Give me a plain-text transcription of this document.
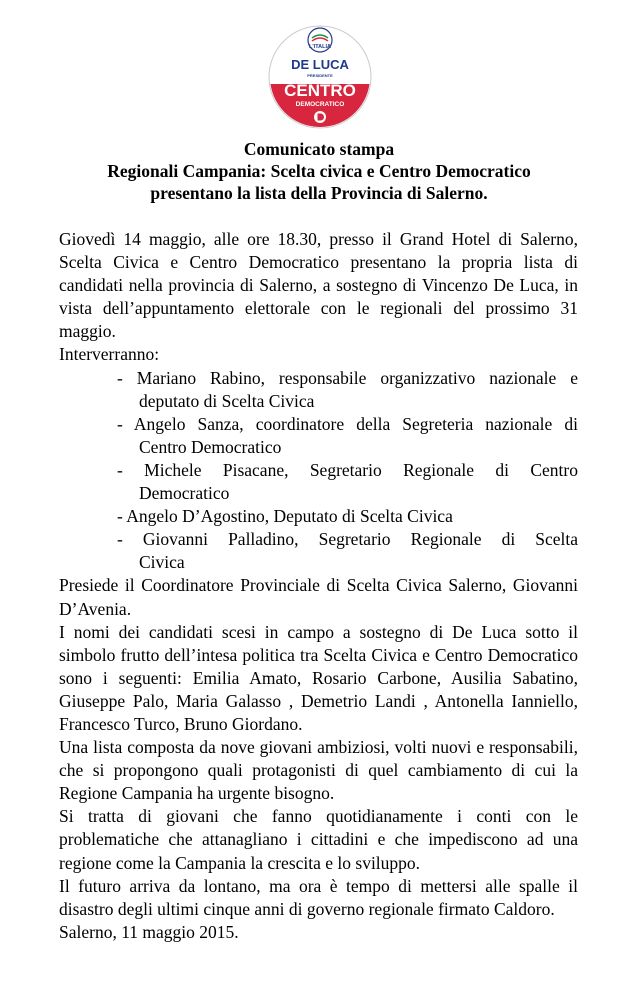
L'ITALIA
DE LUCA
PRESIDENTE
CENTRO
DEMOCRATICO
Comunicato stampa
Regionali Campania: Scelta civica e Centro Democratico
presentano la lista della Provincia di Salerno.

Giovedì 14 maggio, alle ore 18.30, presso il Grand Hotel di Salerno, Scelta Civica e Centro Democratico presentano la propria lista di candidati nella provincia di Salerno, a sostegno di Vincenzo De Luca, in vista dell’appuntamento elettorale con le regionali del prossimo 31 maggio.

Interverranno:

- Mariano Rabino, responsabile organizzativo nazionale e
deputato di Scelta Civica
- Angelo Sanza, coordinatore della Segreteria nazionale di
Centro Democratico
- Michele Pisacane, Segretario Regionale di Centro
Democratico
- Angelo D’Agostino, Deputato di Scelta Civica
- Giovanni Palladino, Segretario Regionale di Scelta
Civica

Presiede il Coordinatore Provinciale di Scelta Civica Salerno, Giovanni D’Avenia.

I nomi dei candidati scesi in campo a sostegno di De Luca sotto il simbolo frutto dell’intesa politica tra Scelta Civica e Centro Democratico sono i seguenti: Emilia Amato, Rosario Carbone, Ausilia Sabatino, Giuseppe Palo, Maria Galasso , Demetrio Landi , Antonella Ianniello, Francesco Turco, Bruno Giordano.

Una lista composta da nove giovani ambiziosi, volti nuovi e responsabili, che si propongono quali protagonisti di quel cambiamento di cui la Regione Campania ha urgente bisogno.

Si tratta di giovani che fanno quotidianamente i conti con le problematiche che attanagliano i cittadini e che impediscono ad una regione come la Campania la crescita e lo sviluppo.

Il futuro arriva da lontano, ma ora è tempo di mettersi alle spalle il disastro degli ultimi cinque anni di governo regionale firmato Caldoro.

Salerno, 11 maggio 2015.
